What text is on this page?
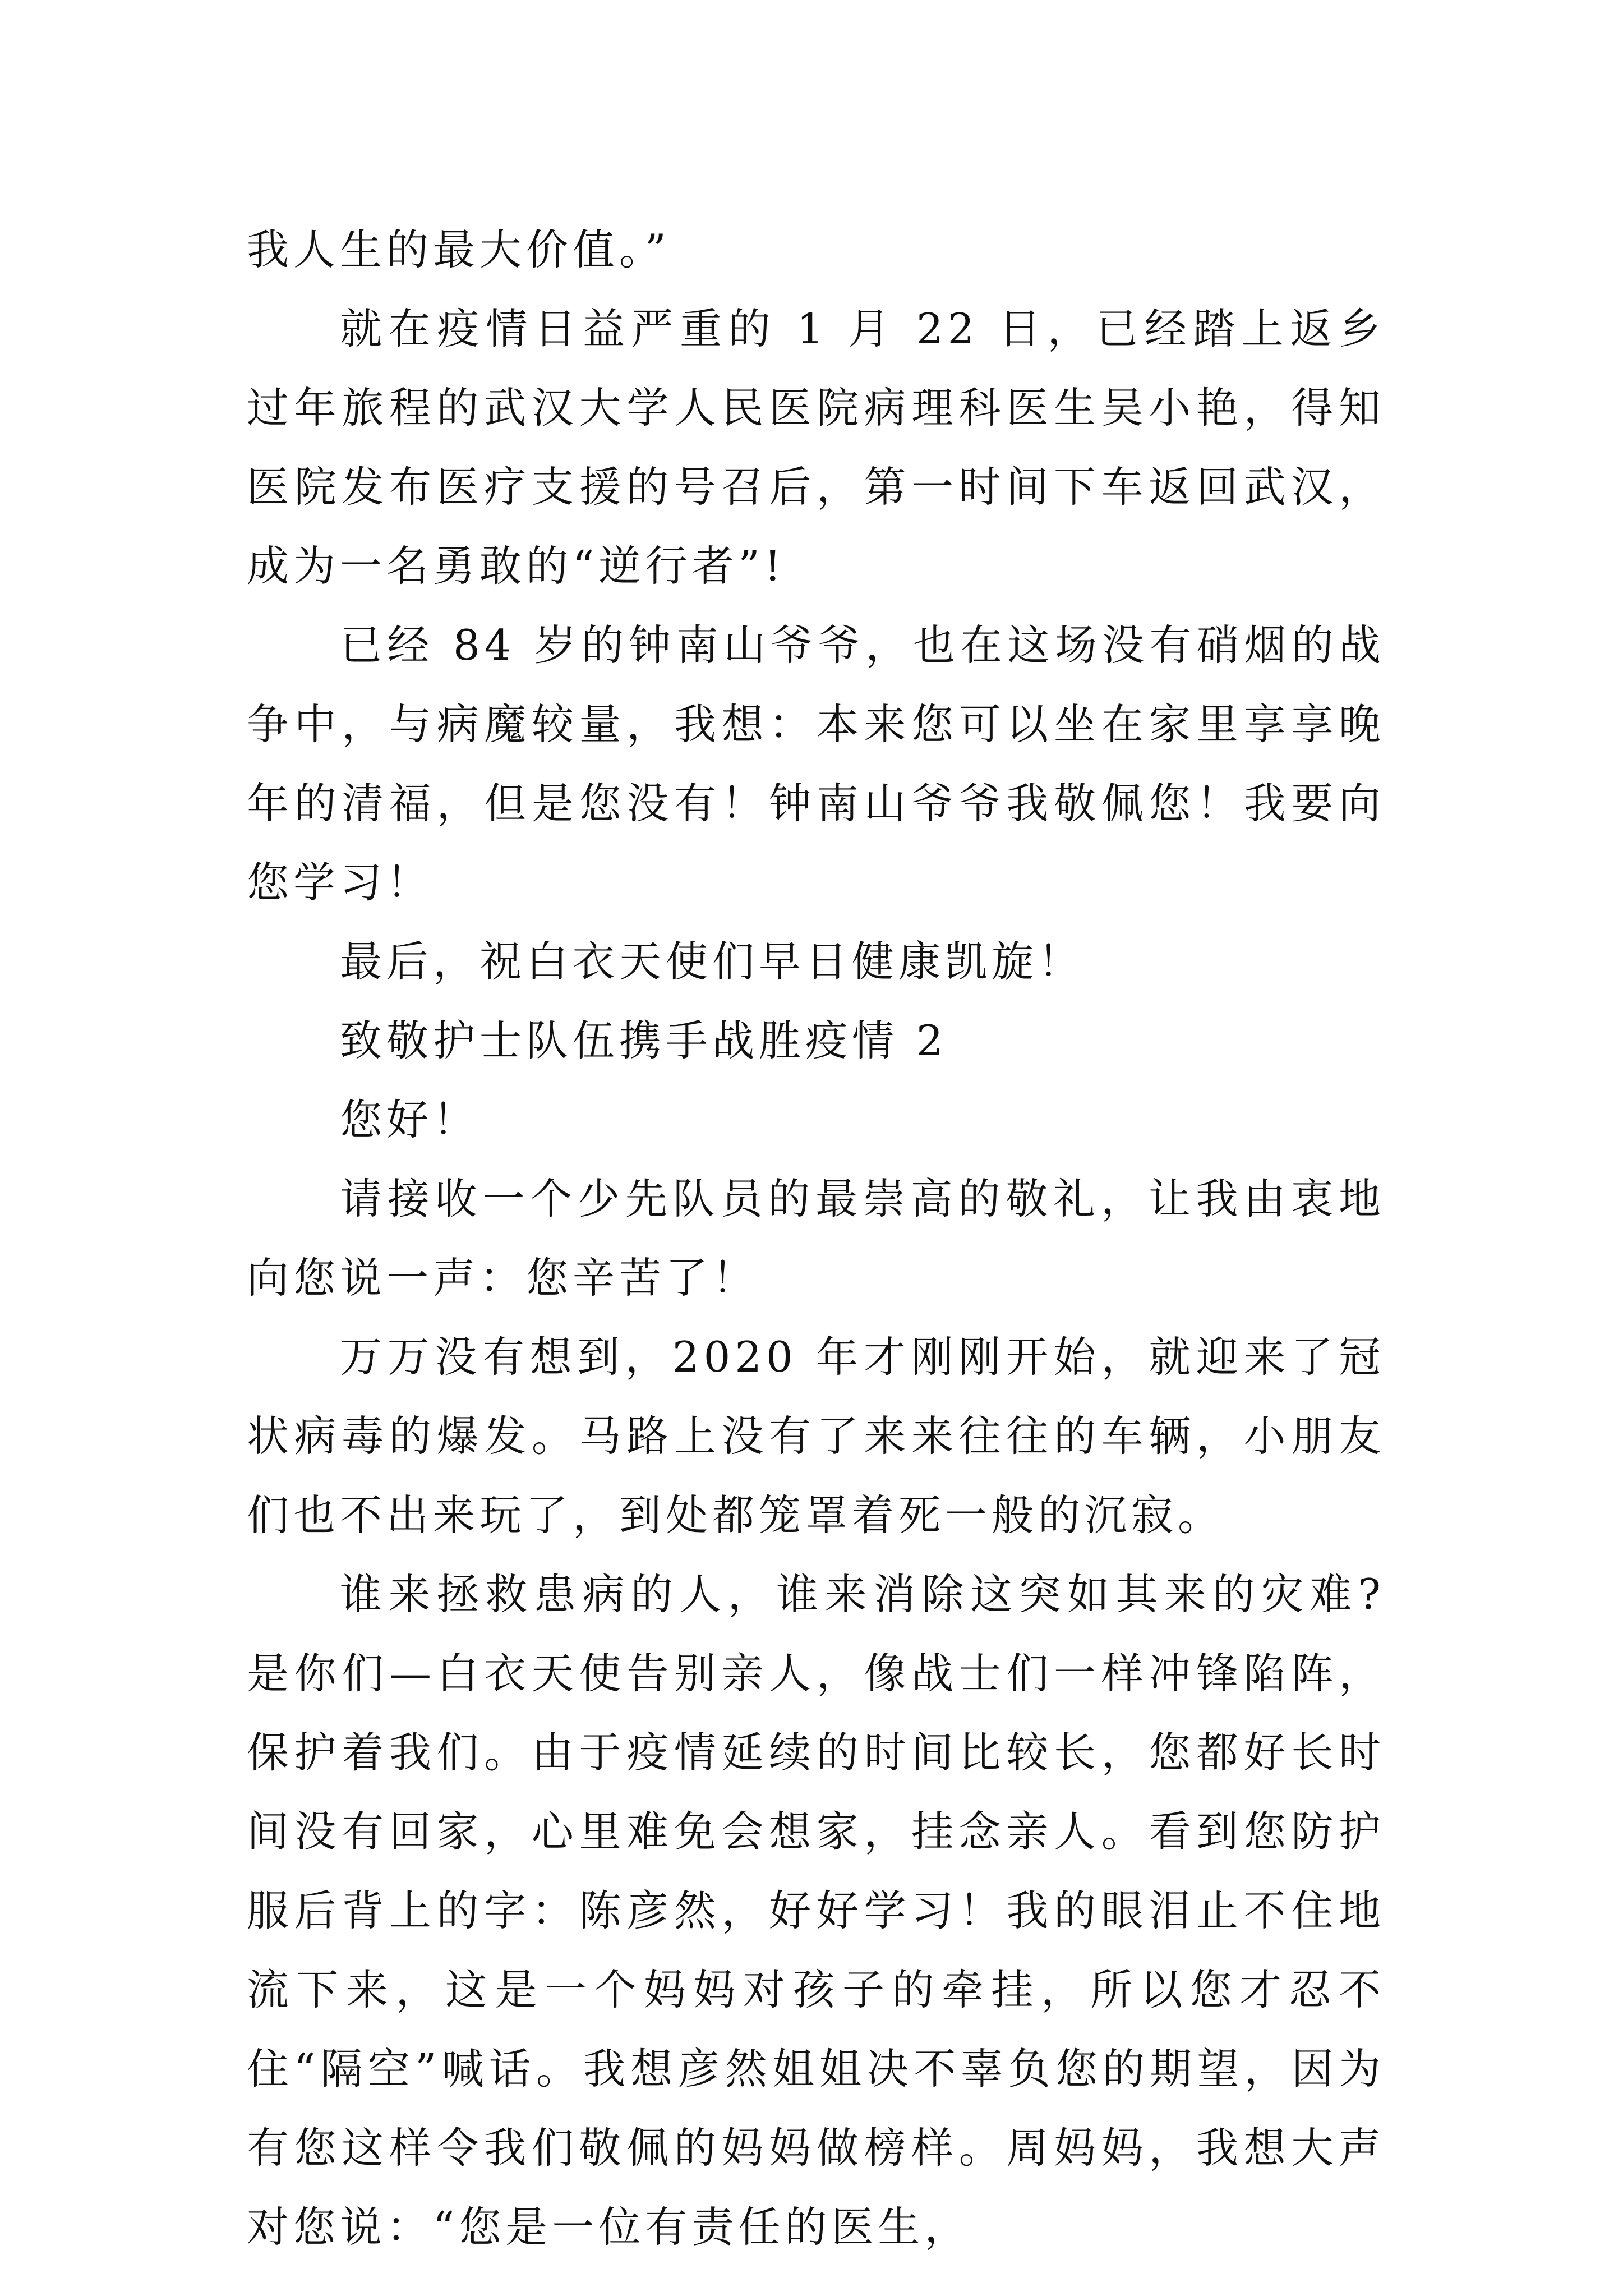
我人生的最大价值。”

就在疫情日益严重的 1 月 22 日，已经踏上返乡过年旅程的武汉大学人民医院病理科医生吴小艳，得知医院发布医疗支援的号召后，第一时间下车返回武汉，成为一名勇敢的“逆行者”!

已经 84 岁的钟南山爷爷，也在这场没有硝烟的战争中，与病魔较量，我想：本来您可以坐在家里享享晚年的清福，但是您没有！钟南山爷爷我敬佩您！我要向您学习！

最后，祝白衣天使们早日健康凯旋！

致敬护士队伍携手战胜疫情 2

您好！

请接收一个少先队员的最崇高的敬礼，让我由衷地向您说一声：您辛苦了！

万万没有想到，2020 年才刚刚开始，就迎来了冠状病毒的爆发。马路上没有了来来往往的车辆，小朋友们也不出来玩了，到处都笼罩着死一般的沉寂。

谁来拯救患病的人，谁来消除这突如其来的灾难? 是你们—白衣天使告别亲人，像战士们一样冲锋陷阵，保护着我们。由于疫情延续的时间比较长，您都好长时间没有回家，心里难免会想家，挂念亲人。看到您防护服后背上的字：陈彦然，好好学习！我的眼泪止不住地流下来，这是一个妈妈对孩子的牵挂，所以您才忍不住“隔空”喊话。我想彦然姐姐决不辜负您的期望，因为有您这样令我们敬佩的妈妈做榜样。周妈妈，我想大声对您说：“您是一位有责任的医生，
